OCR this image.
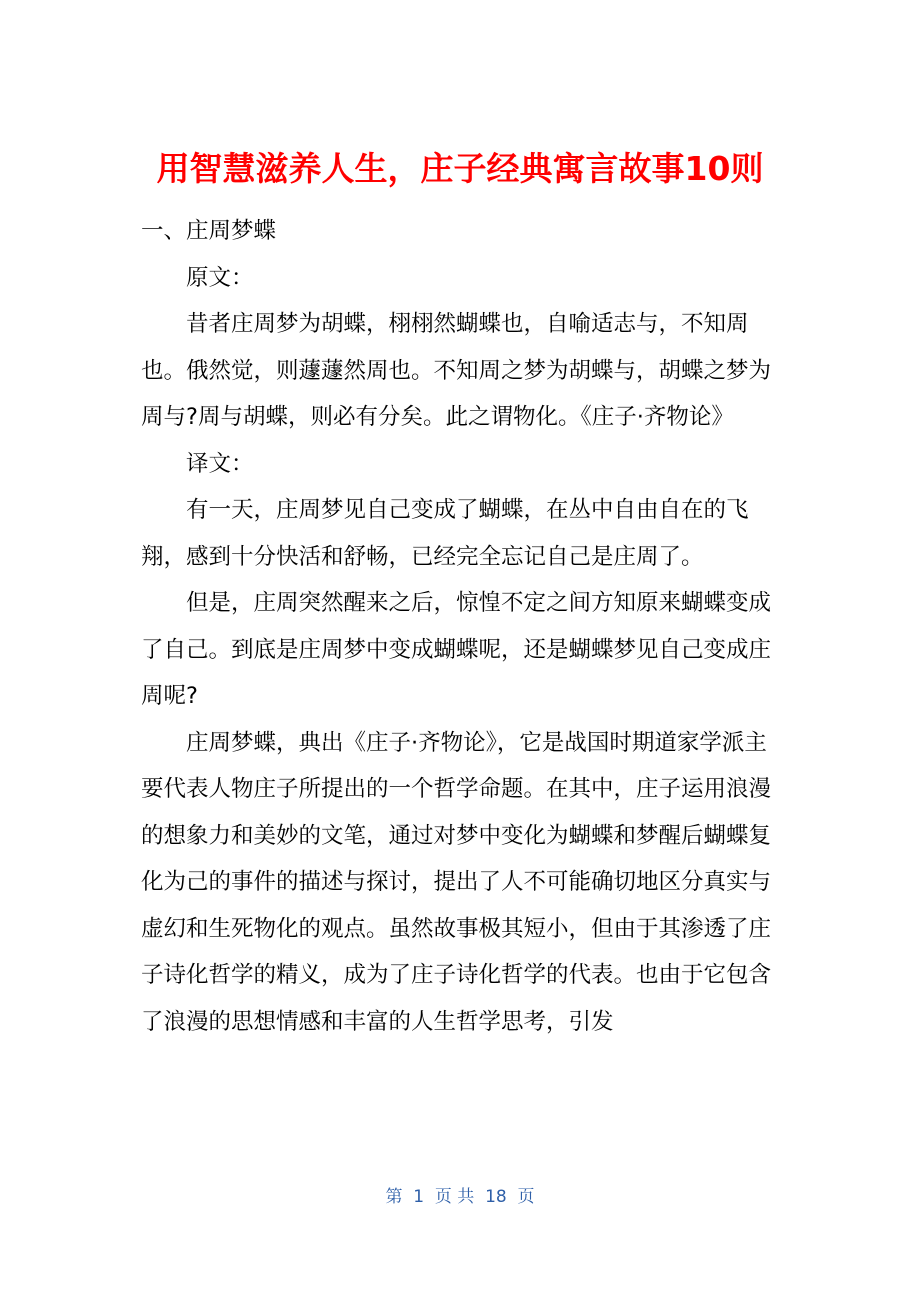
用智慧滋养人生，庄子经典寓言故事10则

一、庄周梦蝶

原文：

昔者庄周梦为胡蝶，栩栩然蝴蝶也，自喻适志与，不知周也。俄然觉，则蘧蘧然周也。不知周之梦为胡蝶与，胡蝶之梦为周与?周与胡蝶，则必有分矣。此之谓物化。《庄子·齐物论》

译文：

有一天，庄周梦见自己变成了蝴蝶，在丛中自由自在的飞翔，感到十分快活和舒畅，已经完全忘记自己是庄周了。

但是，庄周突然醒来之后，惊惶不定之间方知原来蝴蝶变成了自己。到底是庄周梦中变成蝴蝶呢，还是蝴蝶梦见自己变成庄周呢?

庄周梦蝶，典出《庄子·齐物论》，它是战国时期道家学派主要代表人物庄子所提出的一个哲学命题。在其中，庄子运用浪漫的想象力和美妙的文笔，通过对梦中变化为蝴蝶和梦醒后蝴蝶复化为己的事件的描述与探讨，提出了人不可能确切地区分真实与虚幻和生死物化的观点。虽然故事极其短小，但由于其渗透了庄子诗化哲学的精义，成为了庄子诗化哲学的代表。也由于它包含了浪漫的思想情感和丰富的人生哲学思考，引发

第  1  页 共  18  页
